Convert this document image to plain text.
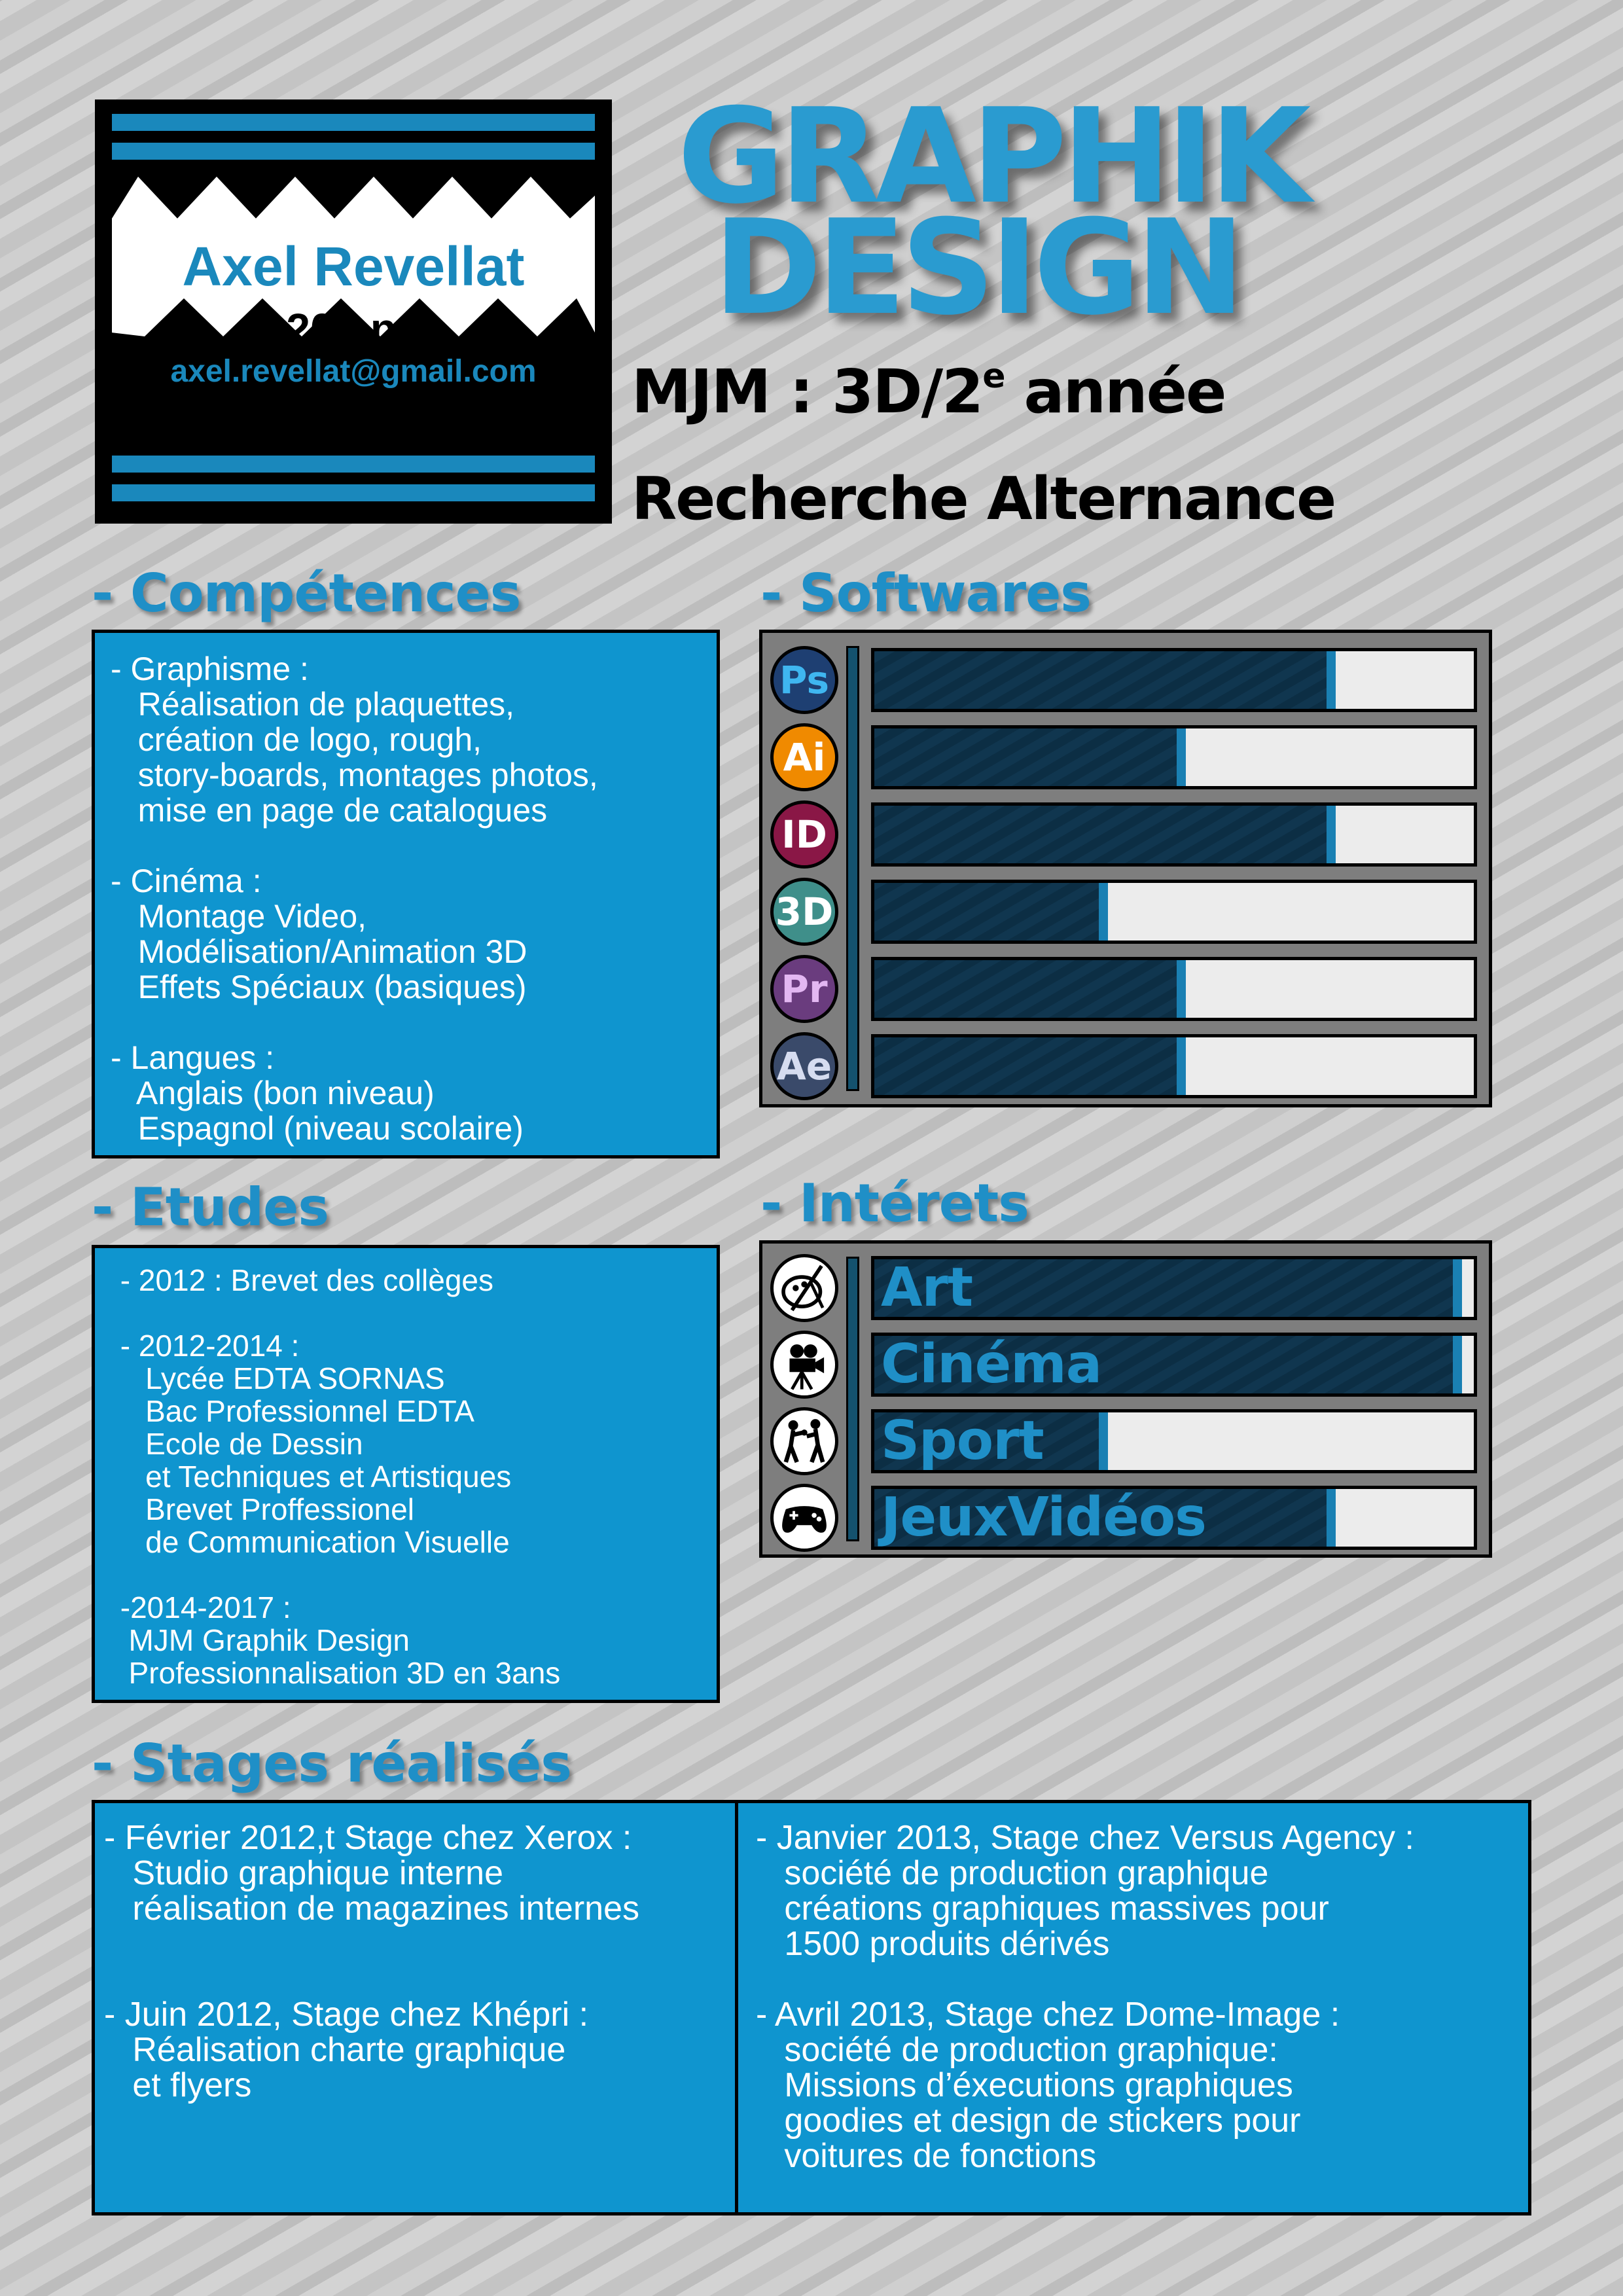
Axel Revellat
20 ans
axel.revellat@gmail.com
06.50.16.25.07
GRAPHIK
DESIGN
MJM : 3D/2e année
Recherche Alternance
- Compétences
- Graphisme :
Réalisation de plaquettes,
création de logo, rough,
story-boards, montages photos,
mise en page de catalogues
- Cinéma :
Montage Video,
Modélisation/Animation 3D
Effets Spéciaux (basiques)
- Langues :
Anglais (bon niveau)
Espagnol (niveau scolaire)
- Softwares
Ps
Ai
ID
3D
Pr
Ae
- Etudes
- 2012 : Brevet des collèges
- 2012-2014 :
Lycée EDTA SORNAS
Bac Professionnel EDTA
Ecole de Dessin
et Techniques et Artistiques
Brevet Proffessionel
de Communication Visuelle
-2014-2017 :
MJM Graphik Design
Professionnalisation 3D en 3ans
- Intérets
Art
Cinéma
Sport
JeuxVidéos
- Stages réalisés
- Février 2012,t Stage chez Xerox :
Studio graphique interne
réalisation de magazines internes
- Juin 2012, Stage chez Khépri :
Réalisation charte graphique
et flyers
- Janvier 2013, Stage chez Versus Agency :
société de production graphique
créations graphiques massives pour
1500 produits dérivés
- Avril 2013, Stage chez Dome-Image :
société de production graphique:
Missions d’éxecutions graphiques
goodies et design de stickers pour
voitures de fonctions
